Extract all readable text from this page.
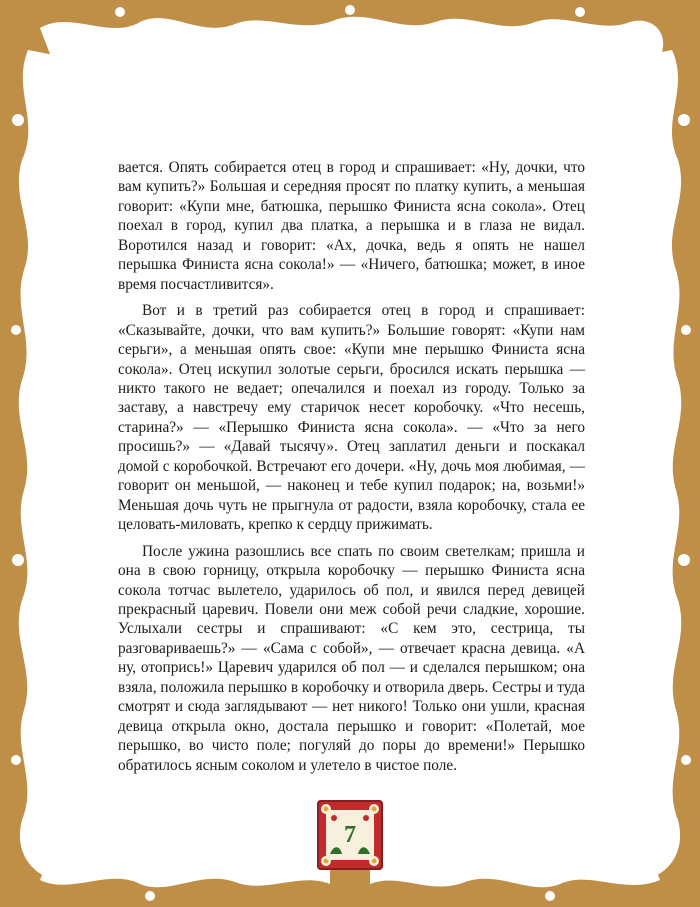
вается. Опять собирается отец в город и спрашивает: «Ну, дочки, что вам купить?» Большая и середняя просят по платку купить, а меньшая говорит: «Купи мне, батюшка, перышко Финиста ясна сокола». Отец поехал в город, купил два платка, а перышка и в глаза не видал. Воротился назад и говорит: «Ах, дочка, ведь я опять не нашел перышка Финиста ясна сокола!» — «Ничего, батюшка; может, в иное время посчастливится».

Вот и в третий раз собирается отец в город и спрашивает: «Сказывайте, дочки, что вам купить?» Большие говорят: «Купи нам серьги», а меньшая опять свое: «Купи мне перышко Финиста ясна сокола». Отец искупил золотые серьги, бросился искать перышка — никто такого не ведает; опечалился и поехал из городу. Только за заставу, а навстречу ему старичок несет коробочку. «Что несешь, старина?» — «Перышко Финиста ясна сокола». — «Что за него просишь?» — «Давай тысячу». Отец заплатил деньги и поскакал домой с коробочкой. Встречают его дочери. «Ну, дочь моя любимая, — говорит он меньшой, — наконец и тебе купил подарок; на, возьми!» Меньшая дочь чуть не прыгнула от радости, взяла коробочку, стала ее целовать-миловать, крепко к сердцу прижимать.

После ужина разошлись все спать по своим светелкам; пришла и она в свою горницу, открыла коробочку — перышко Финиста ясна сокола тотчас вылетело, ударилось об пол, и явился перед девицей прекрасный царевич. Повели они меж собой речи сладкие, хорошие. Услыхали сестры и спрашивают: «С кем это, сестрица, ты разговариваешь?» — «Сама с собой», — отвечает красна девица. «А ну, отопрись!» Царевич ударился об пол — и сделался перышком; она взяла, положила перышко в коробочку и отворила дверь. Сестры и туда смотрят и сюда заглядывают — нет никого! Только они ушли, красная девица открыла окно, достала перышко и говорит: «Полетай, мое перышко, во чисто поле; погуляй до поры до времени!» Перышко обратилось ясным соколом и улетело в чистое поле.

7
